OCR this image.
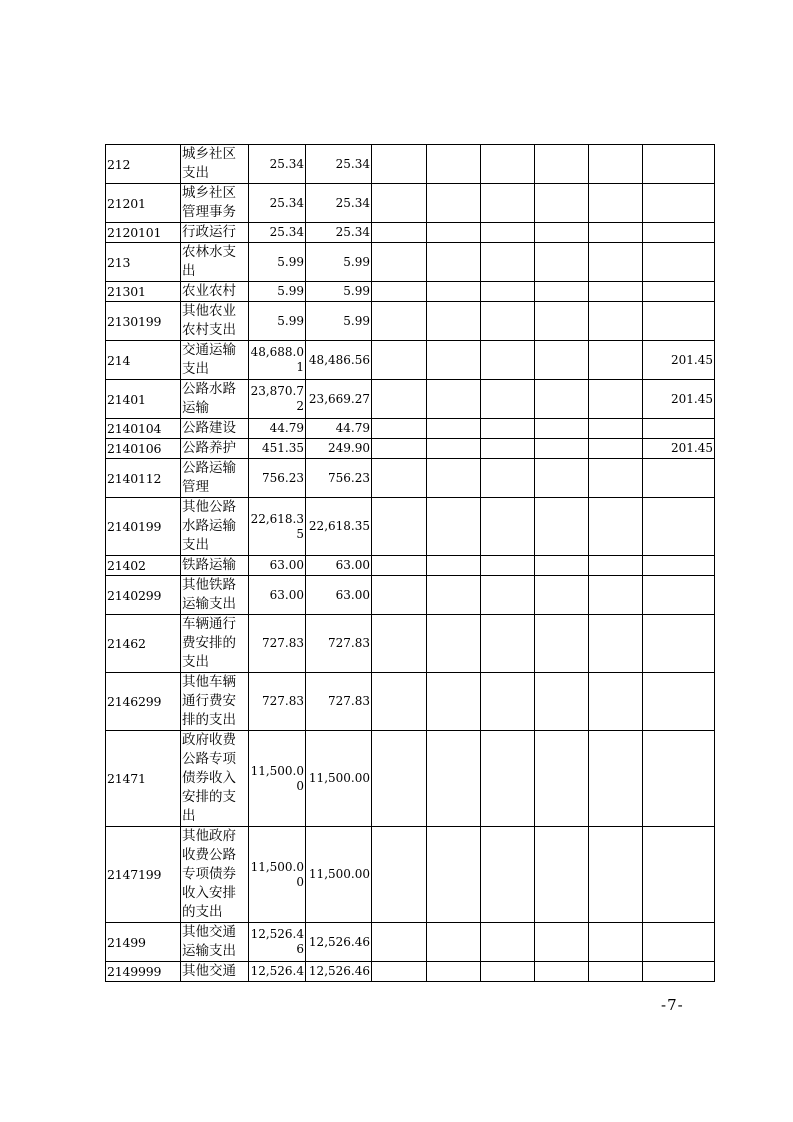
212	城乡社区支出	25.34	25.34						
21201	城乡社区管理事务	25.34	25.34						
2120101	行政运行	25.34	25.34						
213	农林水支出	5.99	5.99						
21301	农业农村	5.99	5.99						
2130199	其他农业农村支出	5.99	5.99						
214	交通运输支出	48,688.01	48,486.56						201.45
21401	公路水路运输	23,870.72	23,669.27						201.45
2140104	公路建设	44.79	44.79						
2140106	公路养护	451.35	249.90						201.45
2140112	公路运输管理	756.23	756.23						
2140199	其他公路水路运输支出	22,618.35	22,618.35						
21402	铁路运输	63.00	63.00						
2140299	其他铁路运输支出	63.00	63.00						
21462	车辆通行费安排的支出	727.83	727.83						
2146299	其他车辆通行费安排的支出	727.83	727.83						
21471	政府收费公路专项债券收入安排的支出	11,500.00	11,500.00						
2147199	其他政府收费公路专项债券收入安排的支出	11,500.00	11,500.00						
21499	其他交通运输支出	12,526.46	12,526.46						
2149999	其他交通	12,526.4	12,526.46						
-7-
